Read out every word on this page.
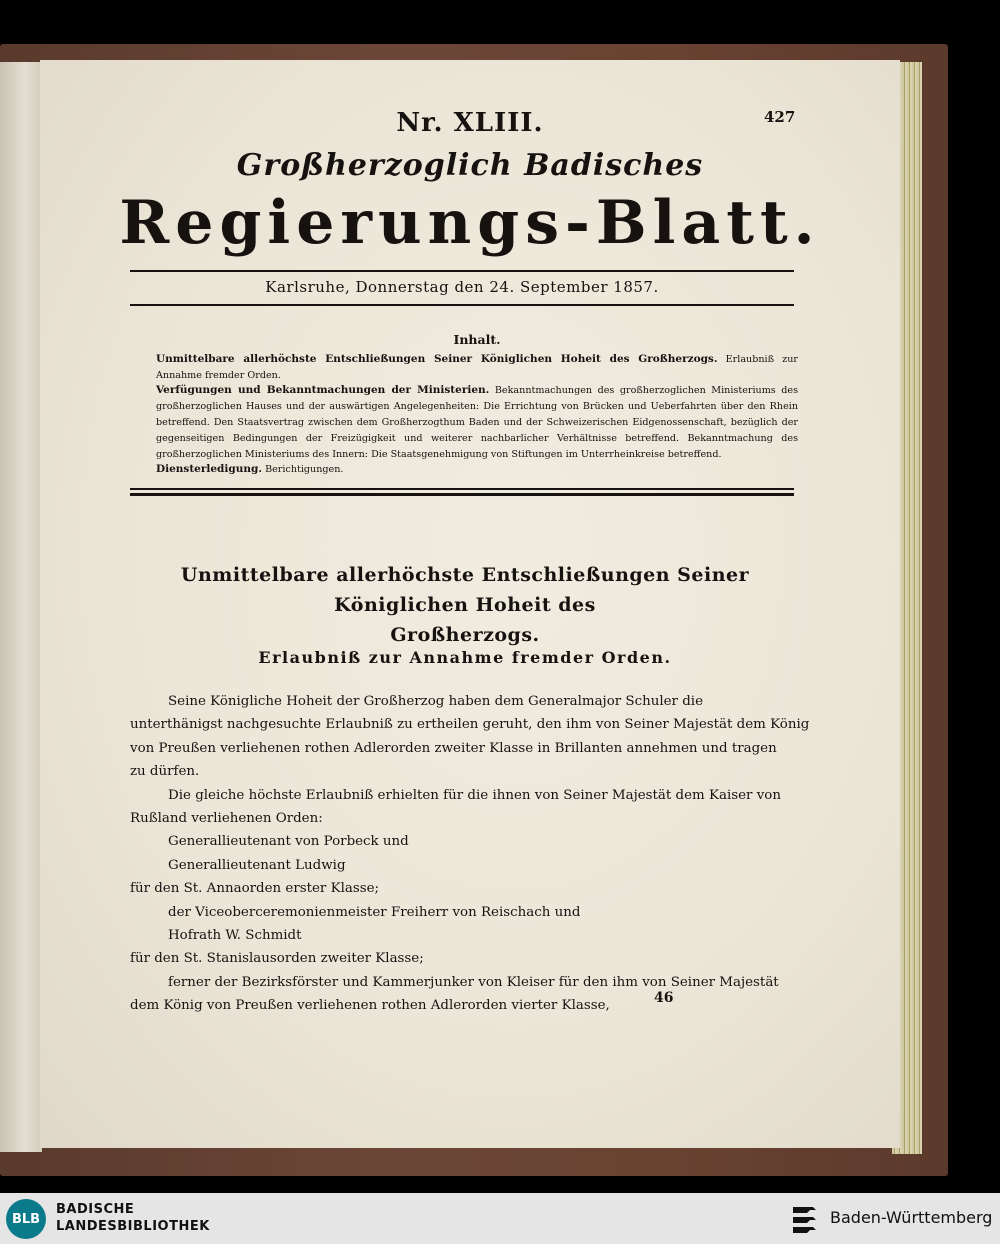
427
Nr. XLIII.
Großherzoglich Badisches
Regierungs-Blatt.
Karlsruhe, Donnerstag den 24. September 1857.
Inhalt.

Unmittelbare allerhöchste Entschließungen Seiner Königlichen Hoheit des Großherzogs. Erlaubniß zur Annahme fremder Orden.

Verfügungen und Bekanntmachungen der Ministerien. Bekanntmachungen des großherzoglichen Ministeriums des großherzoglichen Hauses und der auswärtigen Angelegenheiten: Die Errichtung von Brücken und Ueberfahrten über den Rhein betreffend. Den Staatsvertrag zwischen dem Großherzogthum Baden und der Schweizerischen Eidgenossenschaft, bezüglich der gegenseitigen Bedingungen der Freizügigkeit und weiterer nachbarlicher Verhältnisse betreffend. Bekanntmachung des großherzoglichen Ministeriums des Innern: Die Staatsgenehmigung von Stiftungen im Unterrheinkreise betreffend.

Diensterledigung. Berichtigungen.

Unmittelbare allerhöchste Entschließungen Seiner Königlichen Hoheit des
Großherzogs.
Erlaubniß zur Annahme fremder Orden.
Seine Königliche Hoheit der Großherzog haben dem Generalmajor Schuler die
unterthänigst nachgesuchte Erlaubniß zu ertheilen geruht, den ihm von Seiner Majestät dem König
von Preußen verliehenen rothen Adlerorden zweiter Klasse in Brillanten annehmen und tragen
zu dürfen.
Die gleiche höchste Erlaubniß erhielten für die ihnen von Seiner Majestät dem Kaiser von
Rußland verliehenen Orden:
Generallieutenant von Porbeck und
Generallieutenant Ludwig
für den St. Annaorden erster Klasse;
der Viceoberceremonienmeister Freiherr von Reischach und
Hofrath W. Schmidt
für den St. Stanislausorden zweiter Klasse;
ferner der Bezirksförster und Kammerjunker von Kleiser für den ihm von Seiner Majestät
dem König von Preußen verliehenen rothen Adlerorden vierter Klasse,	46
BLB
BADISCHE
LANDESBIBLIOTHEK	Baden-Württemberg
